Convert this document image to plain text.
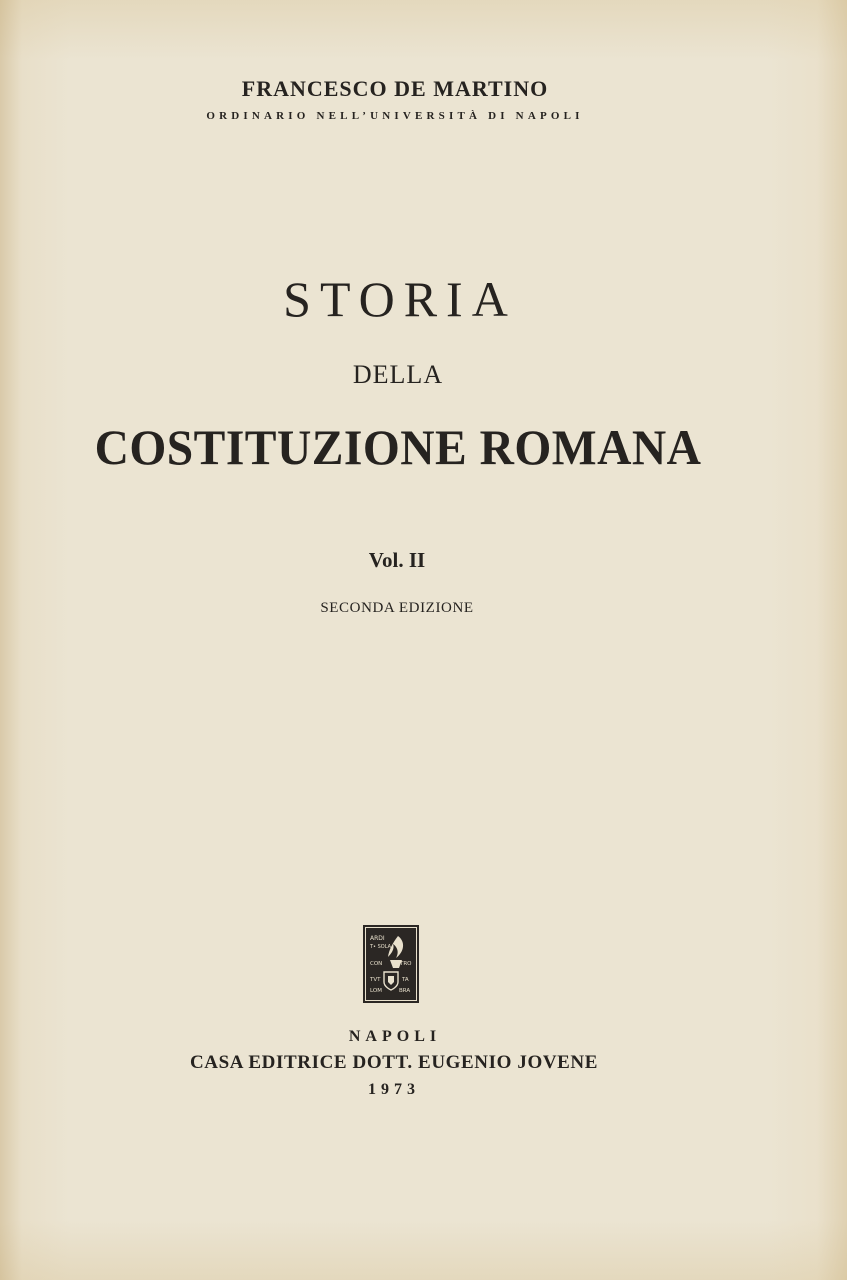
FRANCESCO DE MARTINO
ORDINARIO NELL’UNIVERSITÀ DI NAPOLI
STORIA
DELLA
COSTITUZIONE ROMANA
Vol. II
SECONDA EDIZIONE
ARDI
T• SOLA
CON	TRO
TVT	TA
LOM	BRA
NAPOLI
CASA EDITRICE DOTT. EUGENIO JOVENE
1973
